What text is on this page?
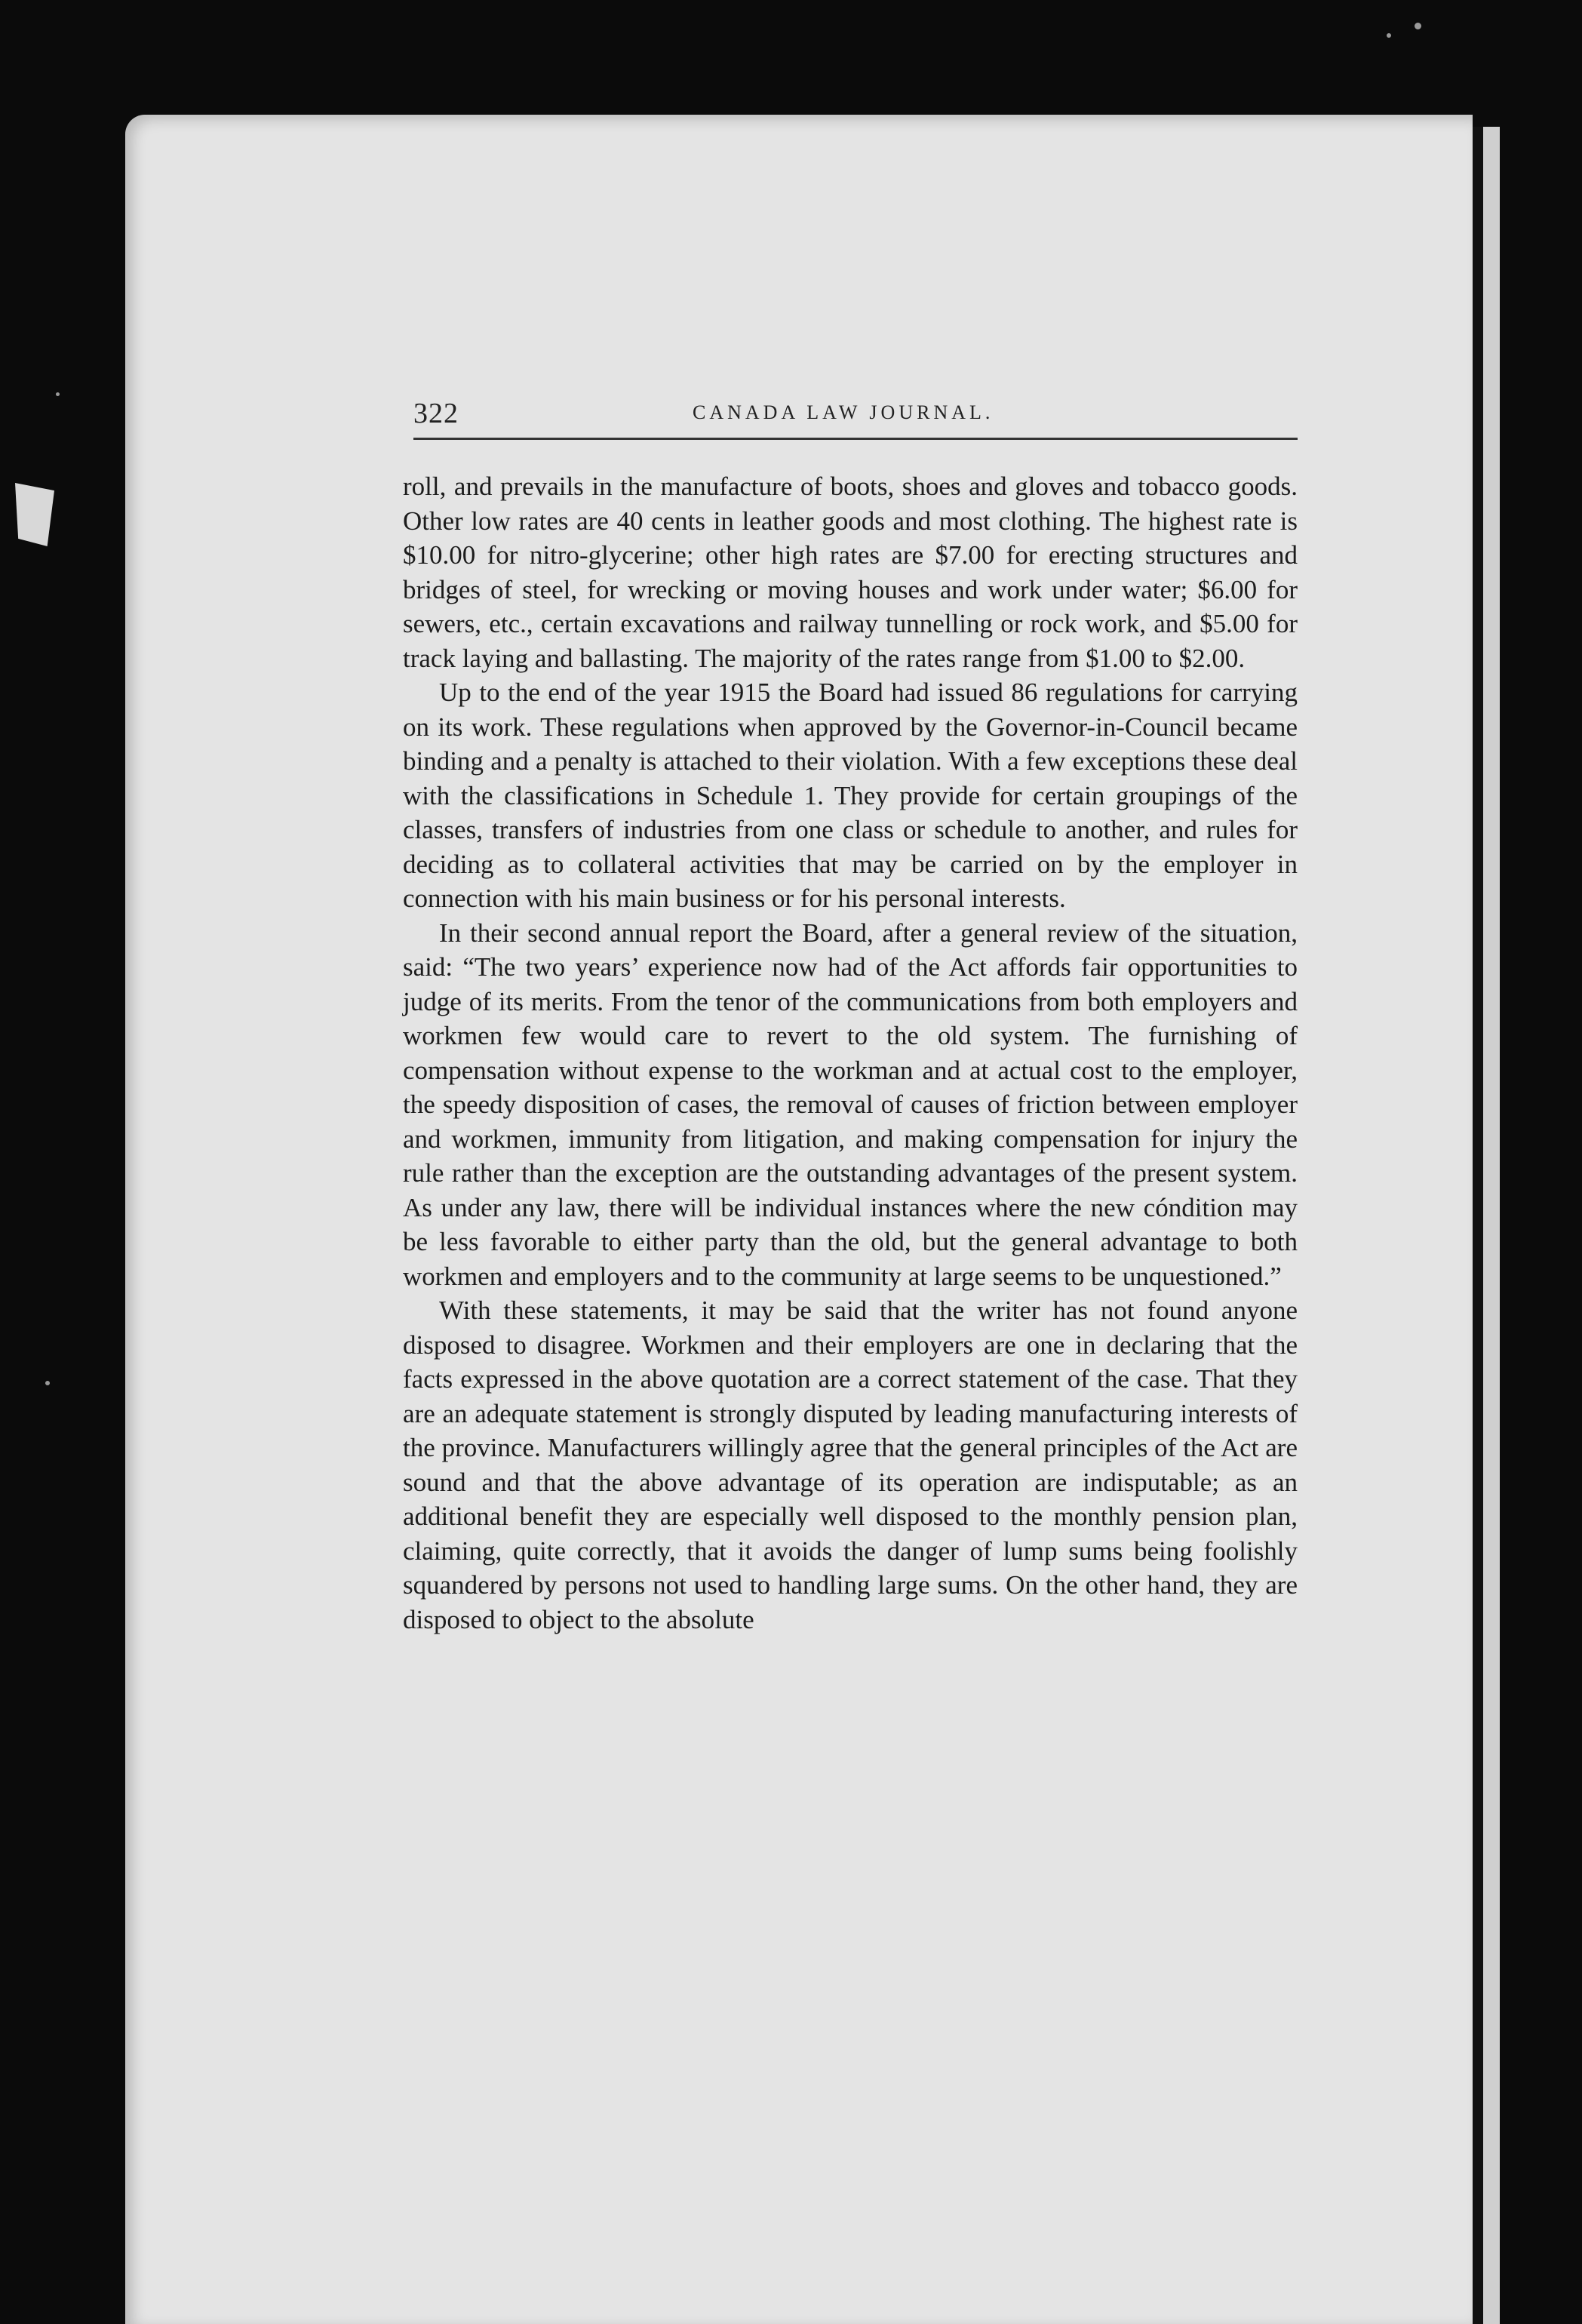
322	CANADA LAW JOURNAL.

roll, and prevails in the manufacture of boots, shoes and gloves and tobacco goods. Other low rates are 40 cents in leather goods and most clothing. The highest rate is $10.00 for nitro-glycerine; other high rates are $7.00 for erecting structures and bridges of steel, for wrecking or moving houses and work under water; $6.00 for sewers, etc., certain excavations and railway tunnelling or rock work, and $5.00 for track laying and ballasting. The majority of the rates range from $1.00 to $2.00.

Up to the end of the year 1915 the Board had issued 86 regulations for carrying on its work. These regulations when approved by the Governor-in-Council became binding and a penalty is attached to their violation. With a few exceptions these deal with the classifications in Schedule 1. They provide for certain groupings of the classes, transfers of industries from one class or schedule to another, and rules for deciding as to collateral activities that may be carried on by the employer in connection with his main business or for his personal interests.

In their second annual report the Board, after a general review of the situation, said: “The two years’ experience now had of the Act affords fair opportunities to judge of its merits. From the tenor of the communications from both employers and workmen few would care to revert to the old system. The furnishing of compensation without expense to the workman and at actual cost to the employer, the speedy disposition of cases, the removal of causes of friction between employer and workmen, immunity from litigation, and making compensation for injury the rule rather than the exception are the outstanding advantages of the present system. As under any law, there will be individual instances where the new cóndition may be less favorable to either party than the old, but the general advantage to both workmen and employers and to the community at large seems to be unquestioned.”

With these statements, it may be said that the writer has not found anyone disposed to disagree. Workmen and their employers are one in declaring that the facts expressed in the above quotation are a correct statement of the case. That they are an adequate statement is strongly disputed by leading manufacturing interests of the province. Manufacturers willingly agree that the general principles of the Act are sound and that the above advantage of its operation are indisputable; as an additional benefit they are especially well disposed to the monthly pension plan, claiming, quite correctly, that it avoids the danger of lump sums being foolishly squandered by persons not used to handling large sums. On the other hand, they are disposed to object to the absolute
